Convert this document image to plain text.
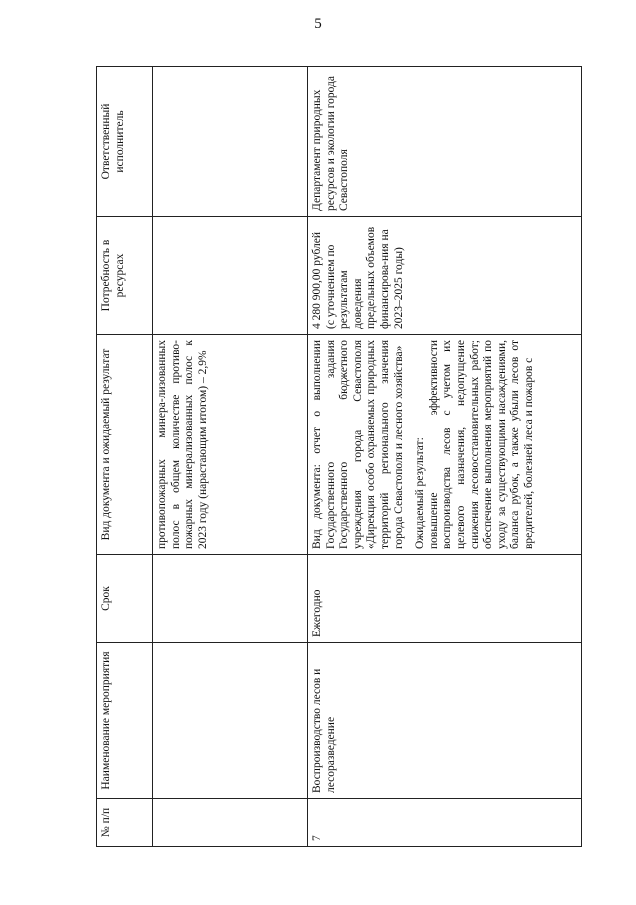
5
№ п/п	Наименование мероприятия	Срок	Вид документа и ожидаемый результат	Потребность в ресурсах	Ответственный исполнитель
			противопожарных минера-лизованных полос в общем количестве противо-пожарных минерализованных полос к 2023 году (нарастающим итогом) – 2,9%		
7	Воспроизводство лесов и лесоразведение	Ежегодно	Вид документа: отчет о выполнении Государственного задания Государственного бюджетного учреждения города Севастополя «Дирекция особо охраняемых природных территорий регионального значения города Севастополя и лесного хозяйства» Ожидаемый результат: повышение эффективности воспроизводства лесов с учетом их целевого назначения, недопущение снижения лесовосстановительных работ; обеспечение выполнения мероприятий по уходу за существующими насаждениями, баланса рубок, а также убыли лесов от вредителей, болезней леса и пожаров с	4 280 900,00 рублей (с уточнением по результатам доведения предельных объемов финансирова-ния на 2023–2025 годы)	Департамент природных ресурсов и экологии города Севастополя
